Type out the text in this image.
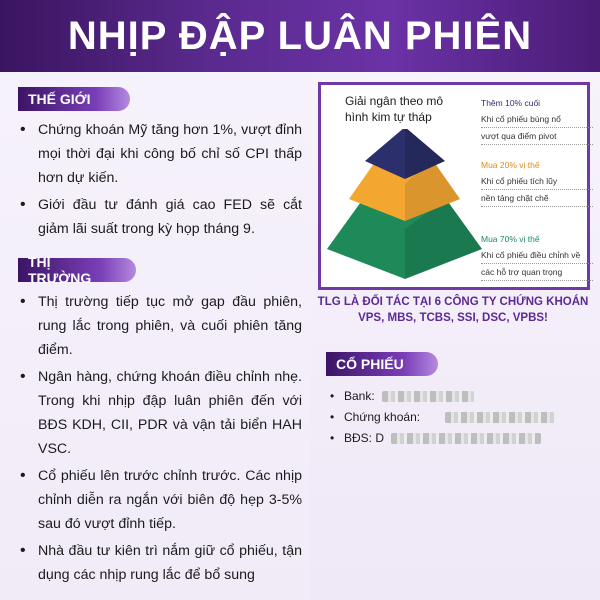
NHỊP ĐẬP LUÂN PHIÊN
THẾ GIỚI
• Chứng khoán Mỹ tăng hơn 1%, vượt đỉnh mọi thời đại khi công bố chỉ số CPI thấp hơn dự kiến.
• Giới đầu tư đánh giá cao FED sẽ cắt giảm lãi suất trong kỳ họp tháng 9.
THỊ TRƯỜNG
• Thị trường tiếp tục mở gap đầu phiên, rung lắc trong phiên, và cuối phiên tăng điểm.
• Ngân hàng, chứng khoán điều chỉnh nhẹ. Trong khi nhịp đập luân phiên đến với BĐS KDH, CII, PDR và vận tải biển HAH VSC.
• Cổ phiếu lên trước chỉnh trước. Các nhịp chỉnh diễn ra ngắn với biên độ hẹp 3-5% sau đó vượt đỉnh tiếp.
• Nhà đầu tư kiên trì nắm giữ cổ phiếu, tận dụng các nhịp rung lắc để bổ sung
Giải ngân theo mô hình kim tự tháp
Thêm 10% cuối
Khi cổ phiếu bùng nổ
vượt qua điểm pivot
Mua 20% vị thế
Khi cổ phiếu tích lũy
nền tảng chặt chẽ
Mua 70% vị thế
Khi cổ phiếu điều chỉnh về
các hỗ trợ quan trọng
TLG LÀ ĐỐI TÁC TẠI 6 CÔNG TY CHỨNG KHOÁN
VPS, MBS, TCBS, SSI, DSC, VPBS!
CỔ PHIẾU
• Bank:
• Chứng khoán:
• BĐS: D
